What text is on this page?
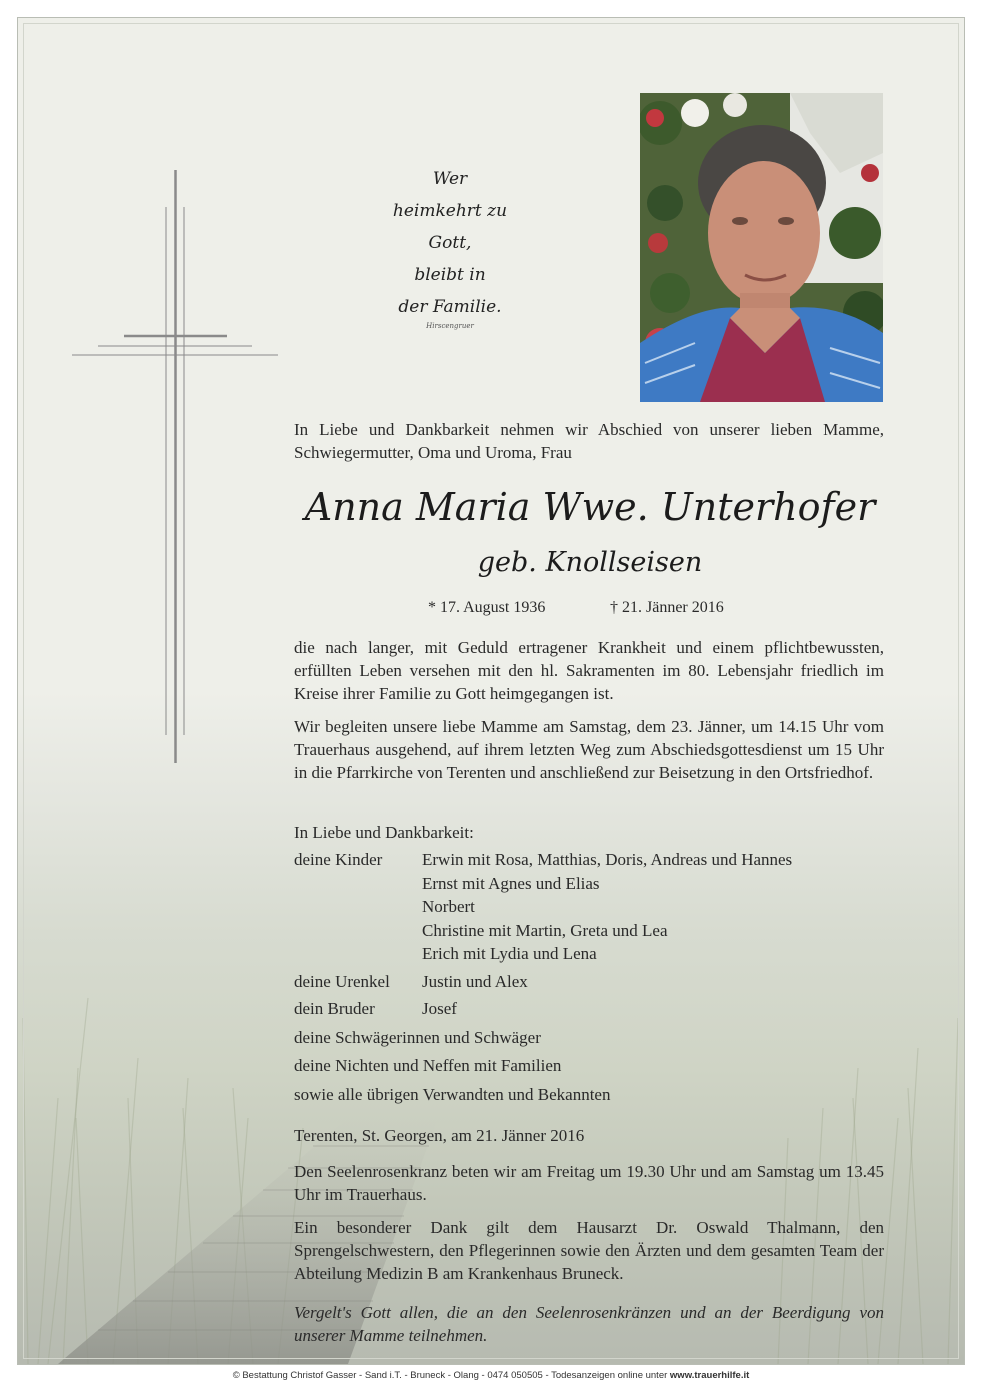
Wer
heimkehrt zu
Gott,
bleibt in
der Familie.
Hirscengruer
In Liebe und Dankbarkeit nehmen wir Abschied von unserer lieben Mamme, Schwiegermutter, Oma und Uroma, Frau
Anna Maria Wwe. Unterhofer
geb. Knollseisen
* 17. August 1936	† 21. Jänner 2016
die nach langer, mit Geduld ertragener Krankheit und einem pflichtbewussten, erfüllten Leben versehen mit den hl. Sakramenten im 80. Lebensjahr friedlich im Kreise ihrer Familie zu Gott heimgegangen ist.
Wir begleiten unsere liebe Mamme am Samstag, dem 23. Jänner, um 14.15 Uhr vom Trauerhaus ausgehend, auf ihrem letzten Weg zum Abschiedsgottesdienst um 15 Uhr in die Pfarrkirche von Terenten und anschließend zur Beisetzung in den Ortsfriedhof.
In Liebe und Dankbarkeit:
deine Kinder	Erwin mit Rosa, Matthias, Doris, Andreas und Hannes
Ernst mit Agnes und Elias
Norbert
Christine mit Martin, Greta und Lea
Erich mit Lydia und Lena
deine Urenkel	Justin und Alex
dein Bruder	Josef
deine Schwägerinnen und Schwäger
deine Nichten und Neffen mit Familien
sowie alle übrigen Verwandten und Bekannten
Terenten, St. Georgen, am 21. Jänner 2016
Den Seelenrosenkranz beten wir am Freitag um 19.30 Uhr und am Samstag um 13.45 Uhr im Trauerhaus.
Ein besonderer Dank gilt dem Hausarzt Dr. Oswald Thalmann, den Sprengelschwestern, den Pflegerinnen sowie den Ärzten und dem gesamten Team der Abteilung Medizin B am Krankenhaus Bruneck.
Vergelt's Gott allen, die an den Seelenrosenkränzen und an der Beerdigung von unserer Mamme teilnehmen.
© Bestattung Christof Gasser - Sand i.T. - Bruneck - Olang - 0474 050505 - Todesanzeigen online unter www.trauerhilfe.it
